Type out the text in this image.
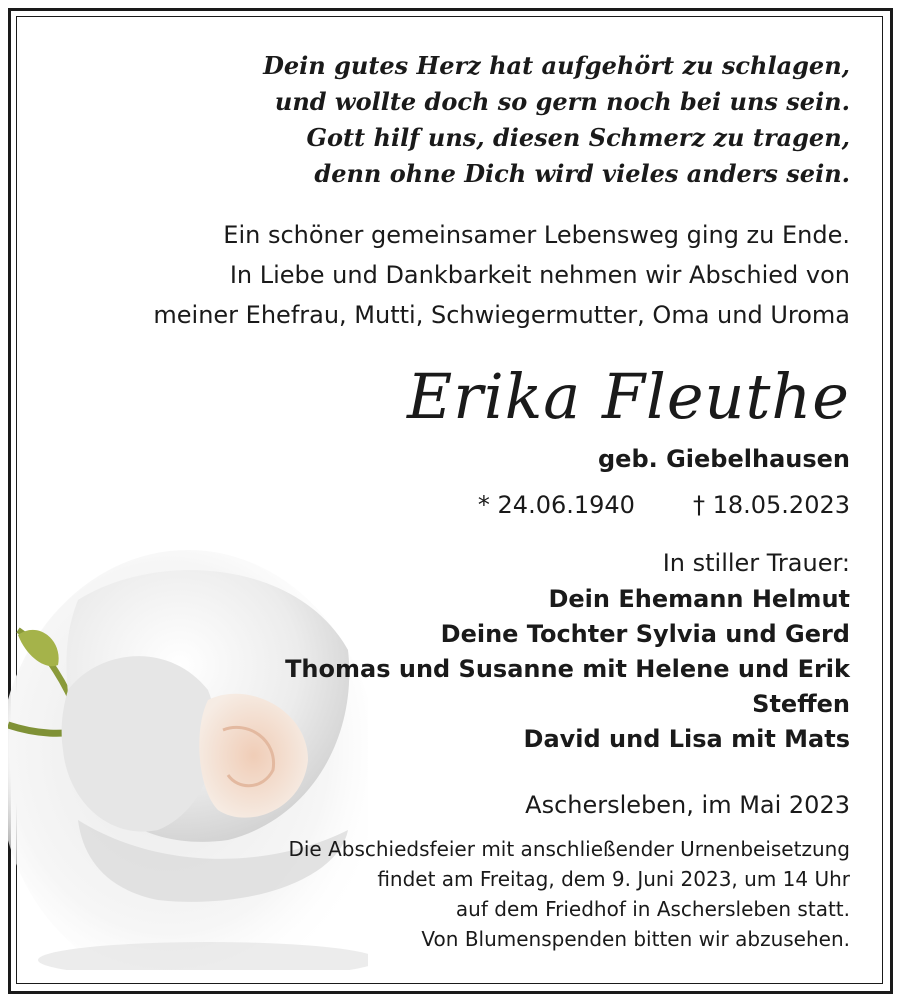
Dein gutes Herz hat aufgehört zu schlagen,
und wollte doch so gern noch bei uns sein.
Gott hilf uns, diesen Schmerz zu tragen,
denn ohne Dich wird vieles anders sein.
Ein schöner gemeinsamer Lebensweg ging zu Ende.
In Liebe und Dankbarkeit nehmen wir Abschied von
meiner Ehefrau, Mutti, Schwiegermutter, Oma und Uroma
Erika Fleuthe
geb. Giebelhausen
* 24.06.1940 † 18.05.2023
In stiller Trauer:
Dein Ehemann Helmut
Deine Tochter Sylvia und Gerd
Thomas und Susanne mit Helene und Erik
Steffen
David und Lisa mit Mats
Aschersleben, im Mai 2023
Die Abschiedsfeier mit anschließender Urnenbeisetzung
findet am Freitag, dem 9. Juni 2023, um 14 Uhr
auf dem Friedhof in Aschersleben statt.
Von Blumenspenden bitten wir abzusehen.
